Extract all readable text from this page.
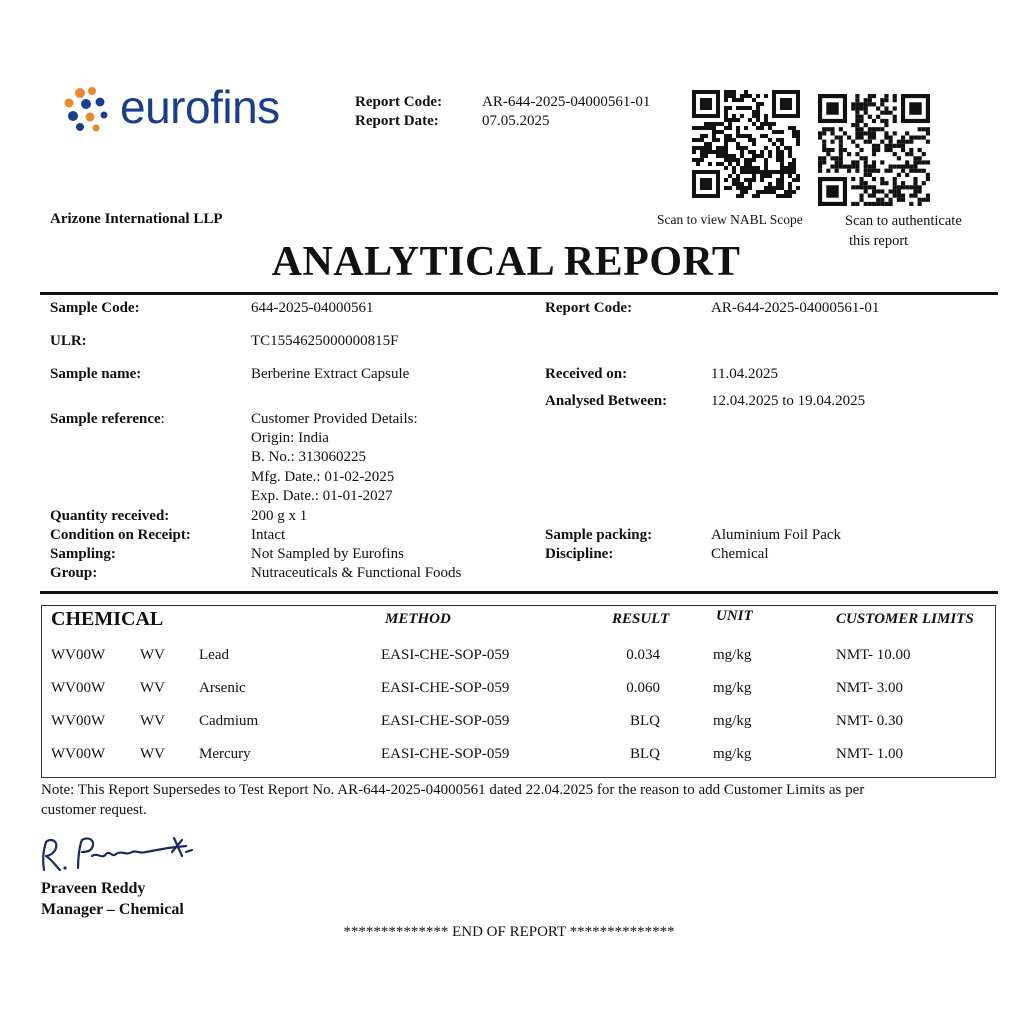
eurofins	Report Code:	AR-644-2025-04000561-01
Report Date:	07.05.2025
Scan to view NABL Scope	Scan to authenticate
this report
Arizone International LLP
ANALYTICAL REPORT
Sample Code:	644-2025-04000561	Report Code:	AR-644-2025-04000561-01
ULR:	TC1554625000000815F
Sample name:	Berberine Extract Capsule	Received on:	11.04.2025
Analysed Between:	12.04.2025 to 19.04.2025
Sample reference:	Customer Provided Details:
Origin: India
B. No.: 313060225
Mfg. Date.: 01-02-2025
Exp. Date.: 01-01-2027
Quantity received:	200 g x 1
Condition on Receipt:	Intact
Sampling:	Not Sampled by Eurofins
Group:	Nutraceuticals & Functional Foods
Sample packing:	Aluminium Foil Pack
Discipline:	Chemical
CHEMICAL	METHOD	RESULT	UNIT	CUSTOMER LIMITS
WV00W WV Lead	EASI-CHE-SOP-059	0.034	mg/kg	NMT- 10.00
WV00W WV Arsenic	EASI-CHE-SOP-059	0.060	mg/kg	NMT- 3.00
WV00W WV Cadmium	EASI-CHE-SOP-059	BLQ	mg/kg	NMT- 0.30
WV00W WV Mercury	EASI-CHE-SOP-059	BLQ	mg/kg	NMT- 1.00
Note: This Report Supersedes to Test Report No. AR-644-2025-04000561 dated 22.04.2025 for the reason to add Customer Limits as per
customer request.
Praveen Reddy
Manager – Chemical
************** END OF REPORT **************
